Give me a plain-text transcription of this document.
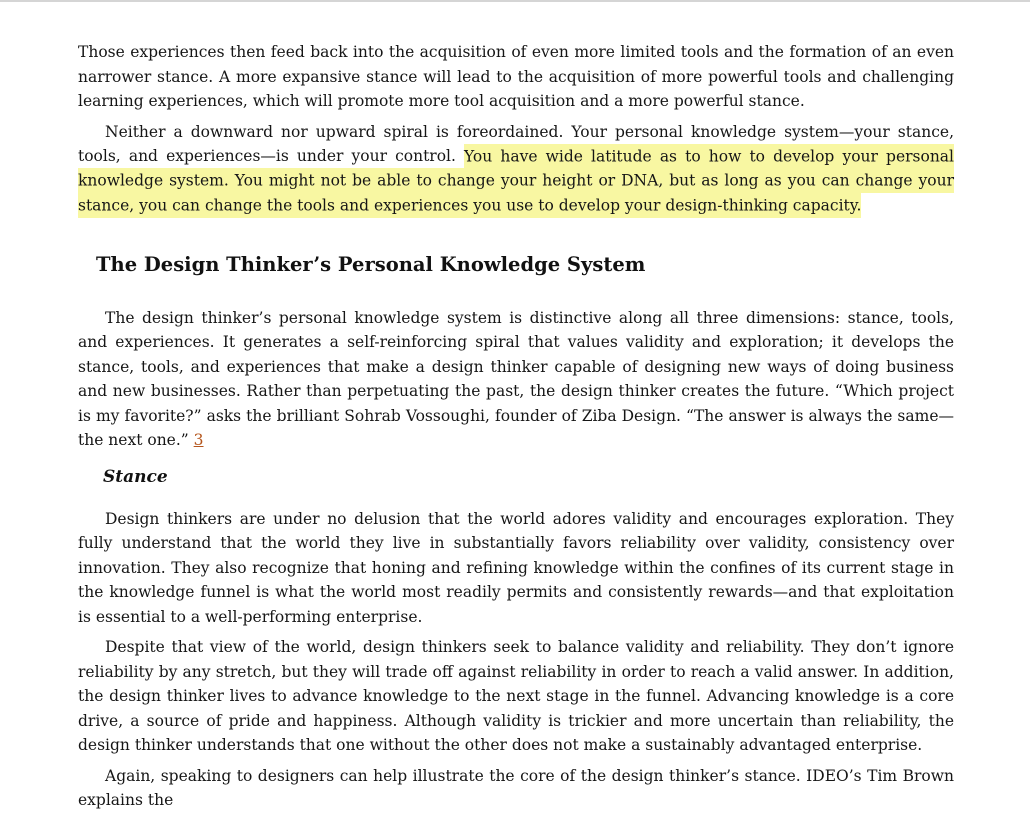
Those experiences then feed back into the acquisition of even more limited tools and the formation of an even narrower stance. A more expansive stance will lead to the acquisition of more powerful tools and challenging learning experiences, which will promote more tool acquisition and a more powerful stance.

Neither a downward nor upward spiral is foreordained. Your personal knowledge system—your stance, tools, and experiences—is under your control. You have wide latitude as to how to develop your personal knowledge system. You might not be able to change your height or DNA, but as long as you can change your stance, you can change the tools and experiences you use to develop your design-thinking capacity.

The Design Thinker’s Personal Knowledge System

The design thinker’s personal knowledge system is distinctive along all three dimensions: stance, tools, and experiences. It generates a self-reinforcing spiral that values validity and exploration; it develops the stance, tools, and experiences that make a design thinker capable of designing new ways of doing business and new businesses. Rather than perpetuating the past, the design thinker creates the future. “Which project is my favorite?” asks the brilliant Sohrab Vossoughi, founder of Ziba Design. “The answer is always the same—the next one.” 3

Stance

Design thinkers are under no delusion that the world adores validity and encourages exploration. They fully understand that the world they live in substantially favors reliability over validity, consistency over innovation. They also recognize that honing and refining knowledge within the confines of its current stage in the knowledge funnel is what the world most readily permits and consistently rewards—and that exploitation is essential to a well-performing enterprise.

Despite that view of the world, design thinkers seek to balance validity and reliability. They don’t ignore reliability by any stretch, but they will trade off against reliability in order to reach a valid answer. In addition, the design thinker lives to advance knowledge to the next stage in the funnel. Advancing knowledge is a core drive, a source of pride and happiness. Although validity is trickier and more uncertain than reliability, the design thinker understands that one without the other does not make a sustainably advantaged enterprise.

Again, speaking to designers can help illustrate the core of the design thinker’s stance. IDEO’s Tim Brown explains the
